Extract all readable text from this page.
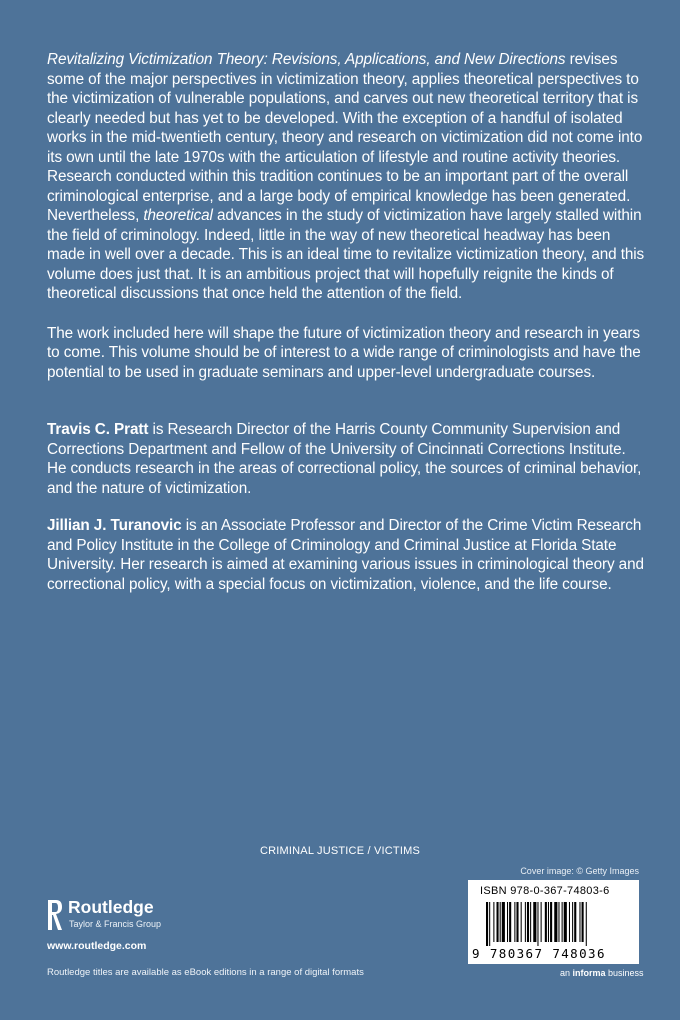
Revitalizing Victimization Theory: Revisions, Applications, and New Directions revises some of the major perspectives in victimization theory, applies theoretical perspectives to the victimization of vulnerable populations, and carves out new theoretical territory that is clearly needed but has yet to be developed. With the exception of a handful of isolated works in the mid-twentieth century, theory and research on victimization did not come into its own until the late 1970s with the articulation of lifestyle and routine activity theories. Research conducted within this tradition continues to be an important part of the overall criminological enterprise, and a large body of empirical knowledge has been generated. Nevertheless, theoretical advances in the study of victimization have largely stalled within the field of criminology. Indeed, little in the way of new theoretical headway has been made in well over a decade. This is an ideal time to revitalize victimization theory, and this volume does just that. It is an ambitious project that will hopefully reignite the kinds of theoretical discussions that once held the attention of the field.

The work included here will shape the future of victimization theory and research in years to come. This volume should be of interest to a wide range of criminologists and have the potential to be used in graduate seminars and upper-level undergraduate courses.

Travis C. Pratt is Research Director of the Harris County Community Supervision and Corrections Department and Fellow of the University of Cincinnati Corrections Institute. He conducts research in the areas of correctional policy, the sources of criminal behavior, and the nature of victimization.

Jillian J. Turanovic is an Associate Professor and Director of the Crime Victim Research and Policy Institute in the College of Criminology and Criminal Justice at Florida State University. Her research is aimed at examining various issues in criminological theory and correctional policy, with a special focus on victimization, violence, and the life course.

CRIMINAL JUSTICE / VICTIMS
Cover image: © Getty Images
ISBN 978-0-367-74803-6
9 780367 748036
an informa business
Routledge
Taylor & Francis Group
www.routledge.com
Routledge titles are available as eBook editions in a range of digital formats
